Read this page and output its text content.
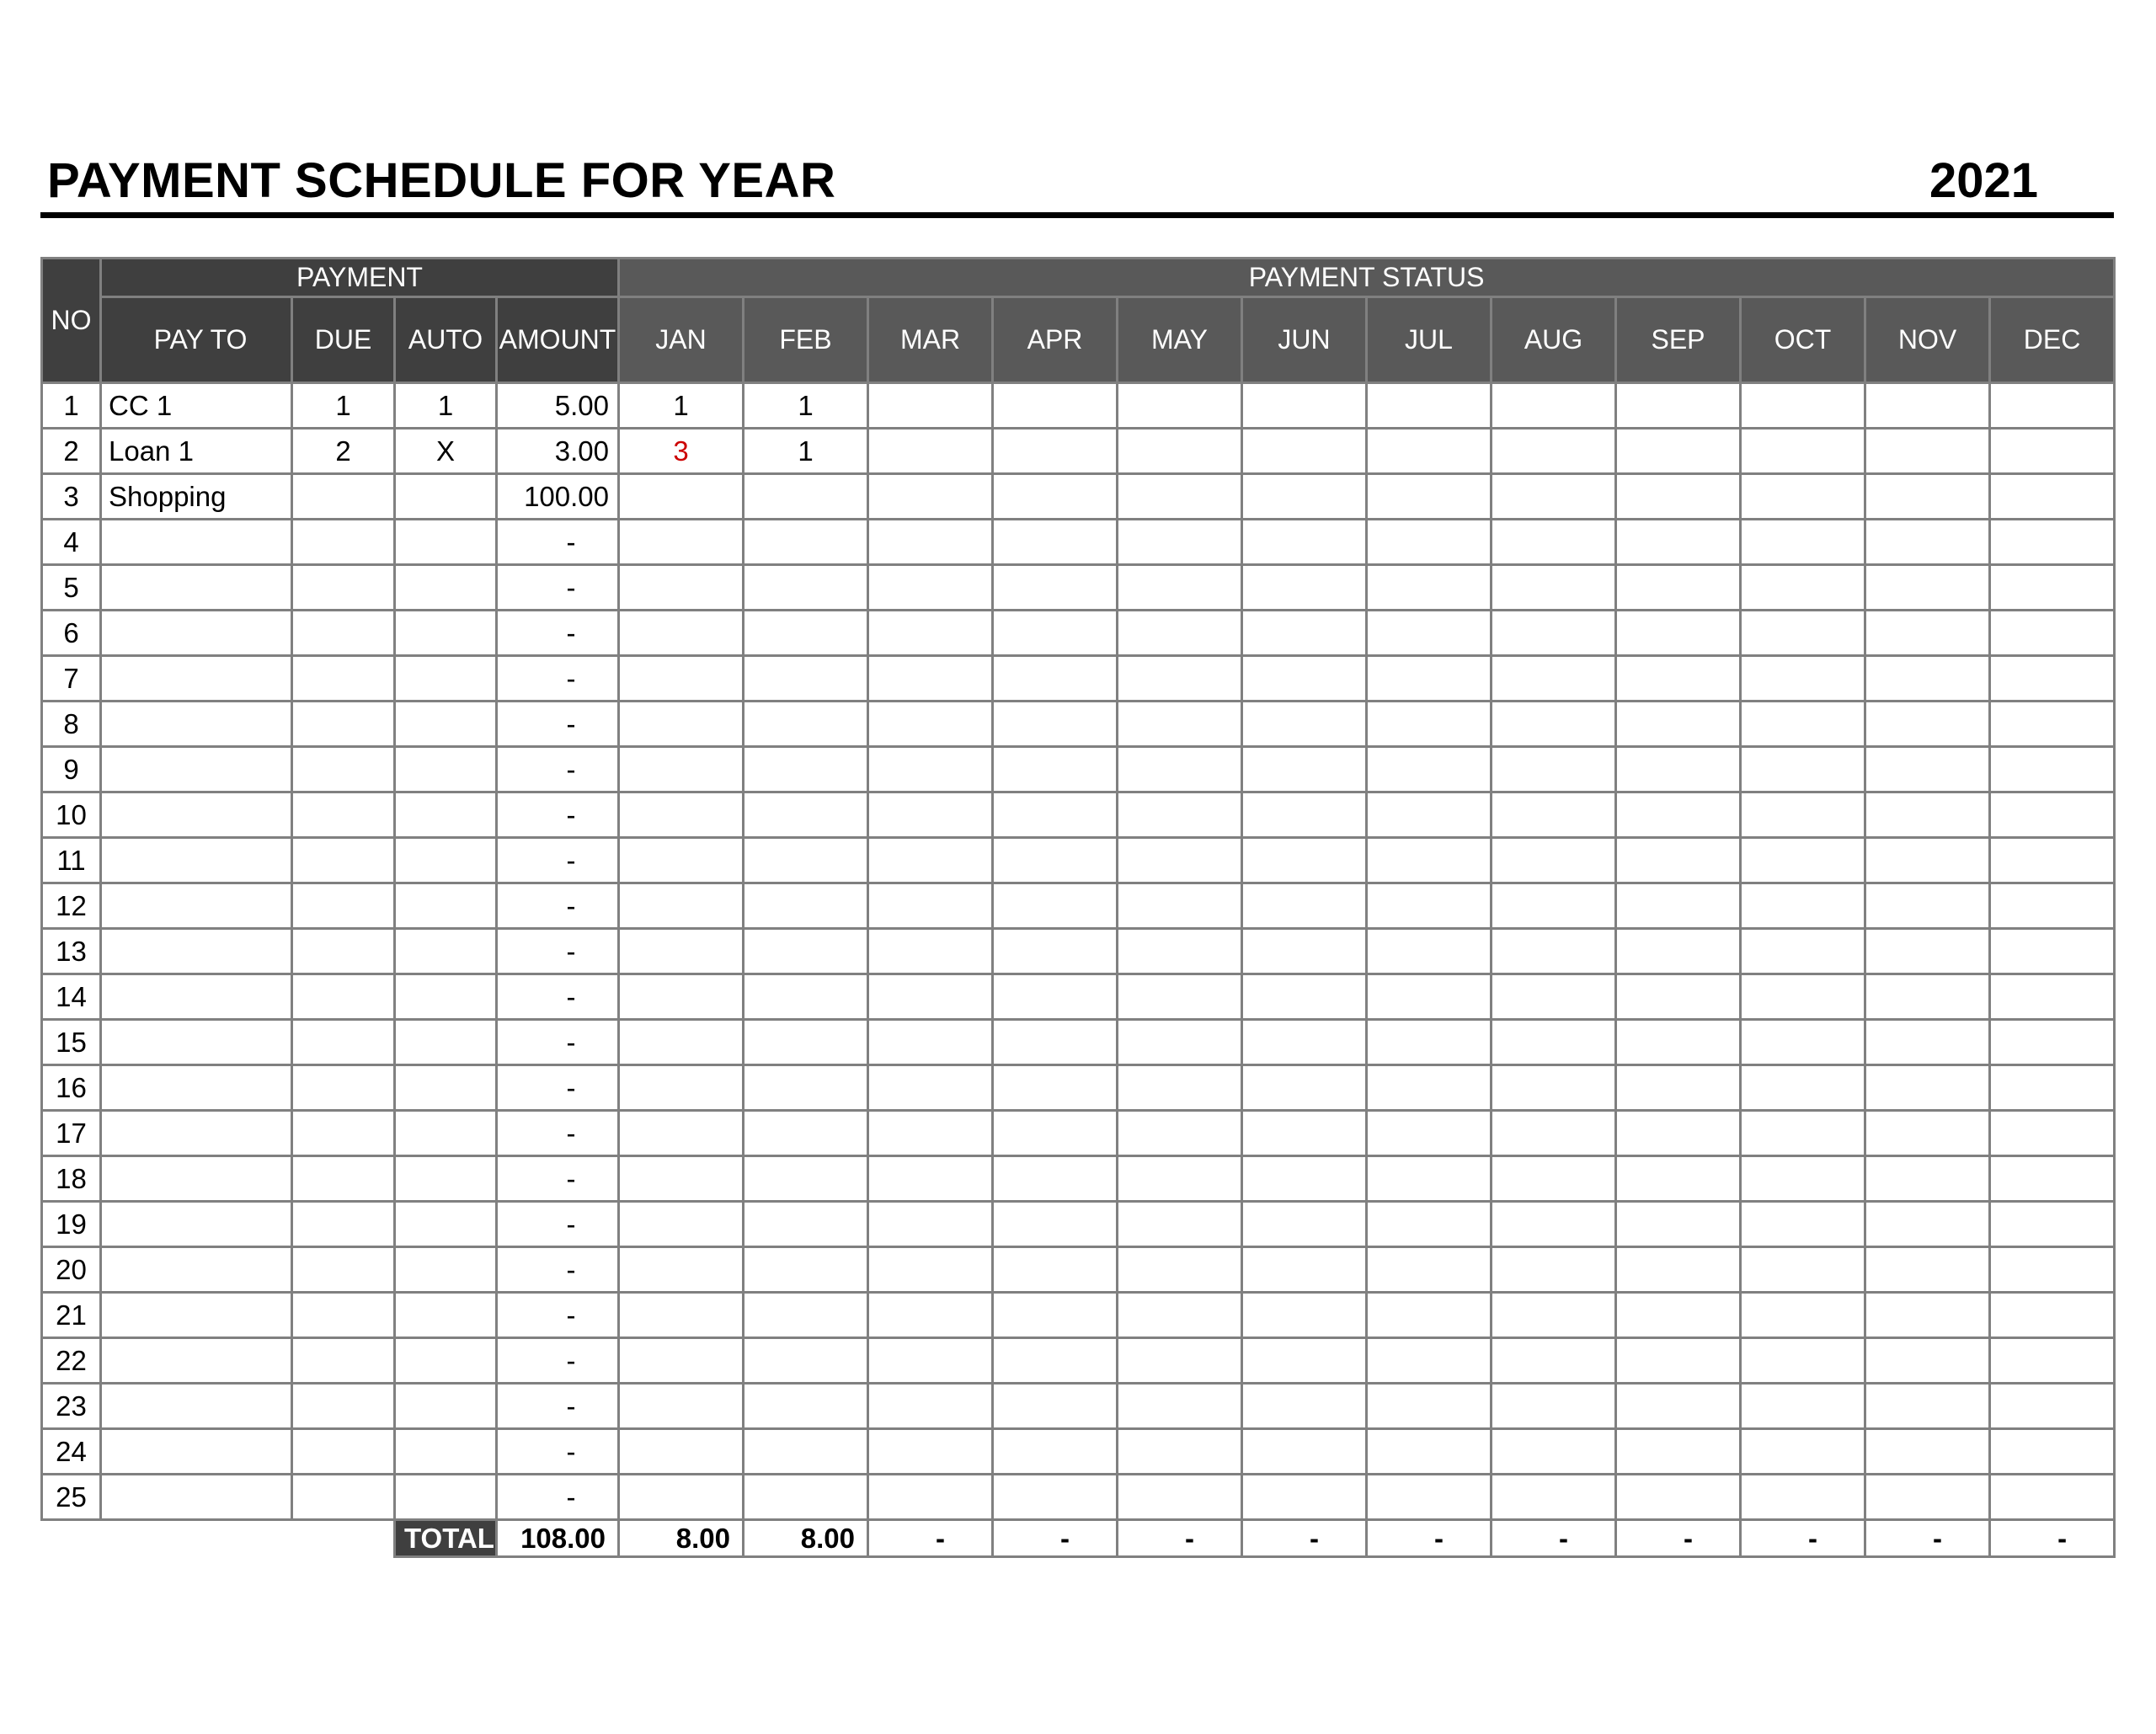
PAYMENT SCHEDULE FOR YEAR	2021
NO	PAYMENT				PAYMENT STATUS											
	PAY TO	DUE	AUTO	AMOUNT	JAN	FEB	MAR	APR	MAY	JUN	JUL	AUG	SEP	OCT	NOV	DEC
1	CC 1	1	1	5.00	1	1										
2	Loan 1	2	X	3.00	3	1										
3	Shopping			100.00												
4				-												
5				-												
6				-												
7				-												
8				-												
9				-												
10				-												
11				-												
12				-												
13				-												
14				-												
15				-												
16				-												
17				-												
18				-												
19				-												
20				-												
21				-												
22				-												
23				-												
24				-												
25				-												
			TOTAL	108.00	8.00	8.00	-	-	-	-	-	-	-	-	-	-
